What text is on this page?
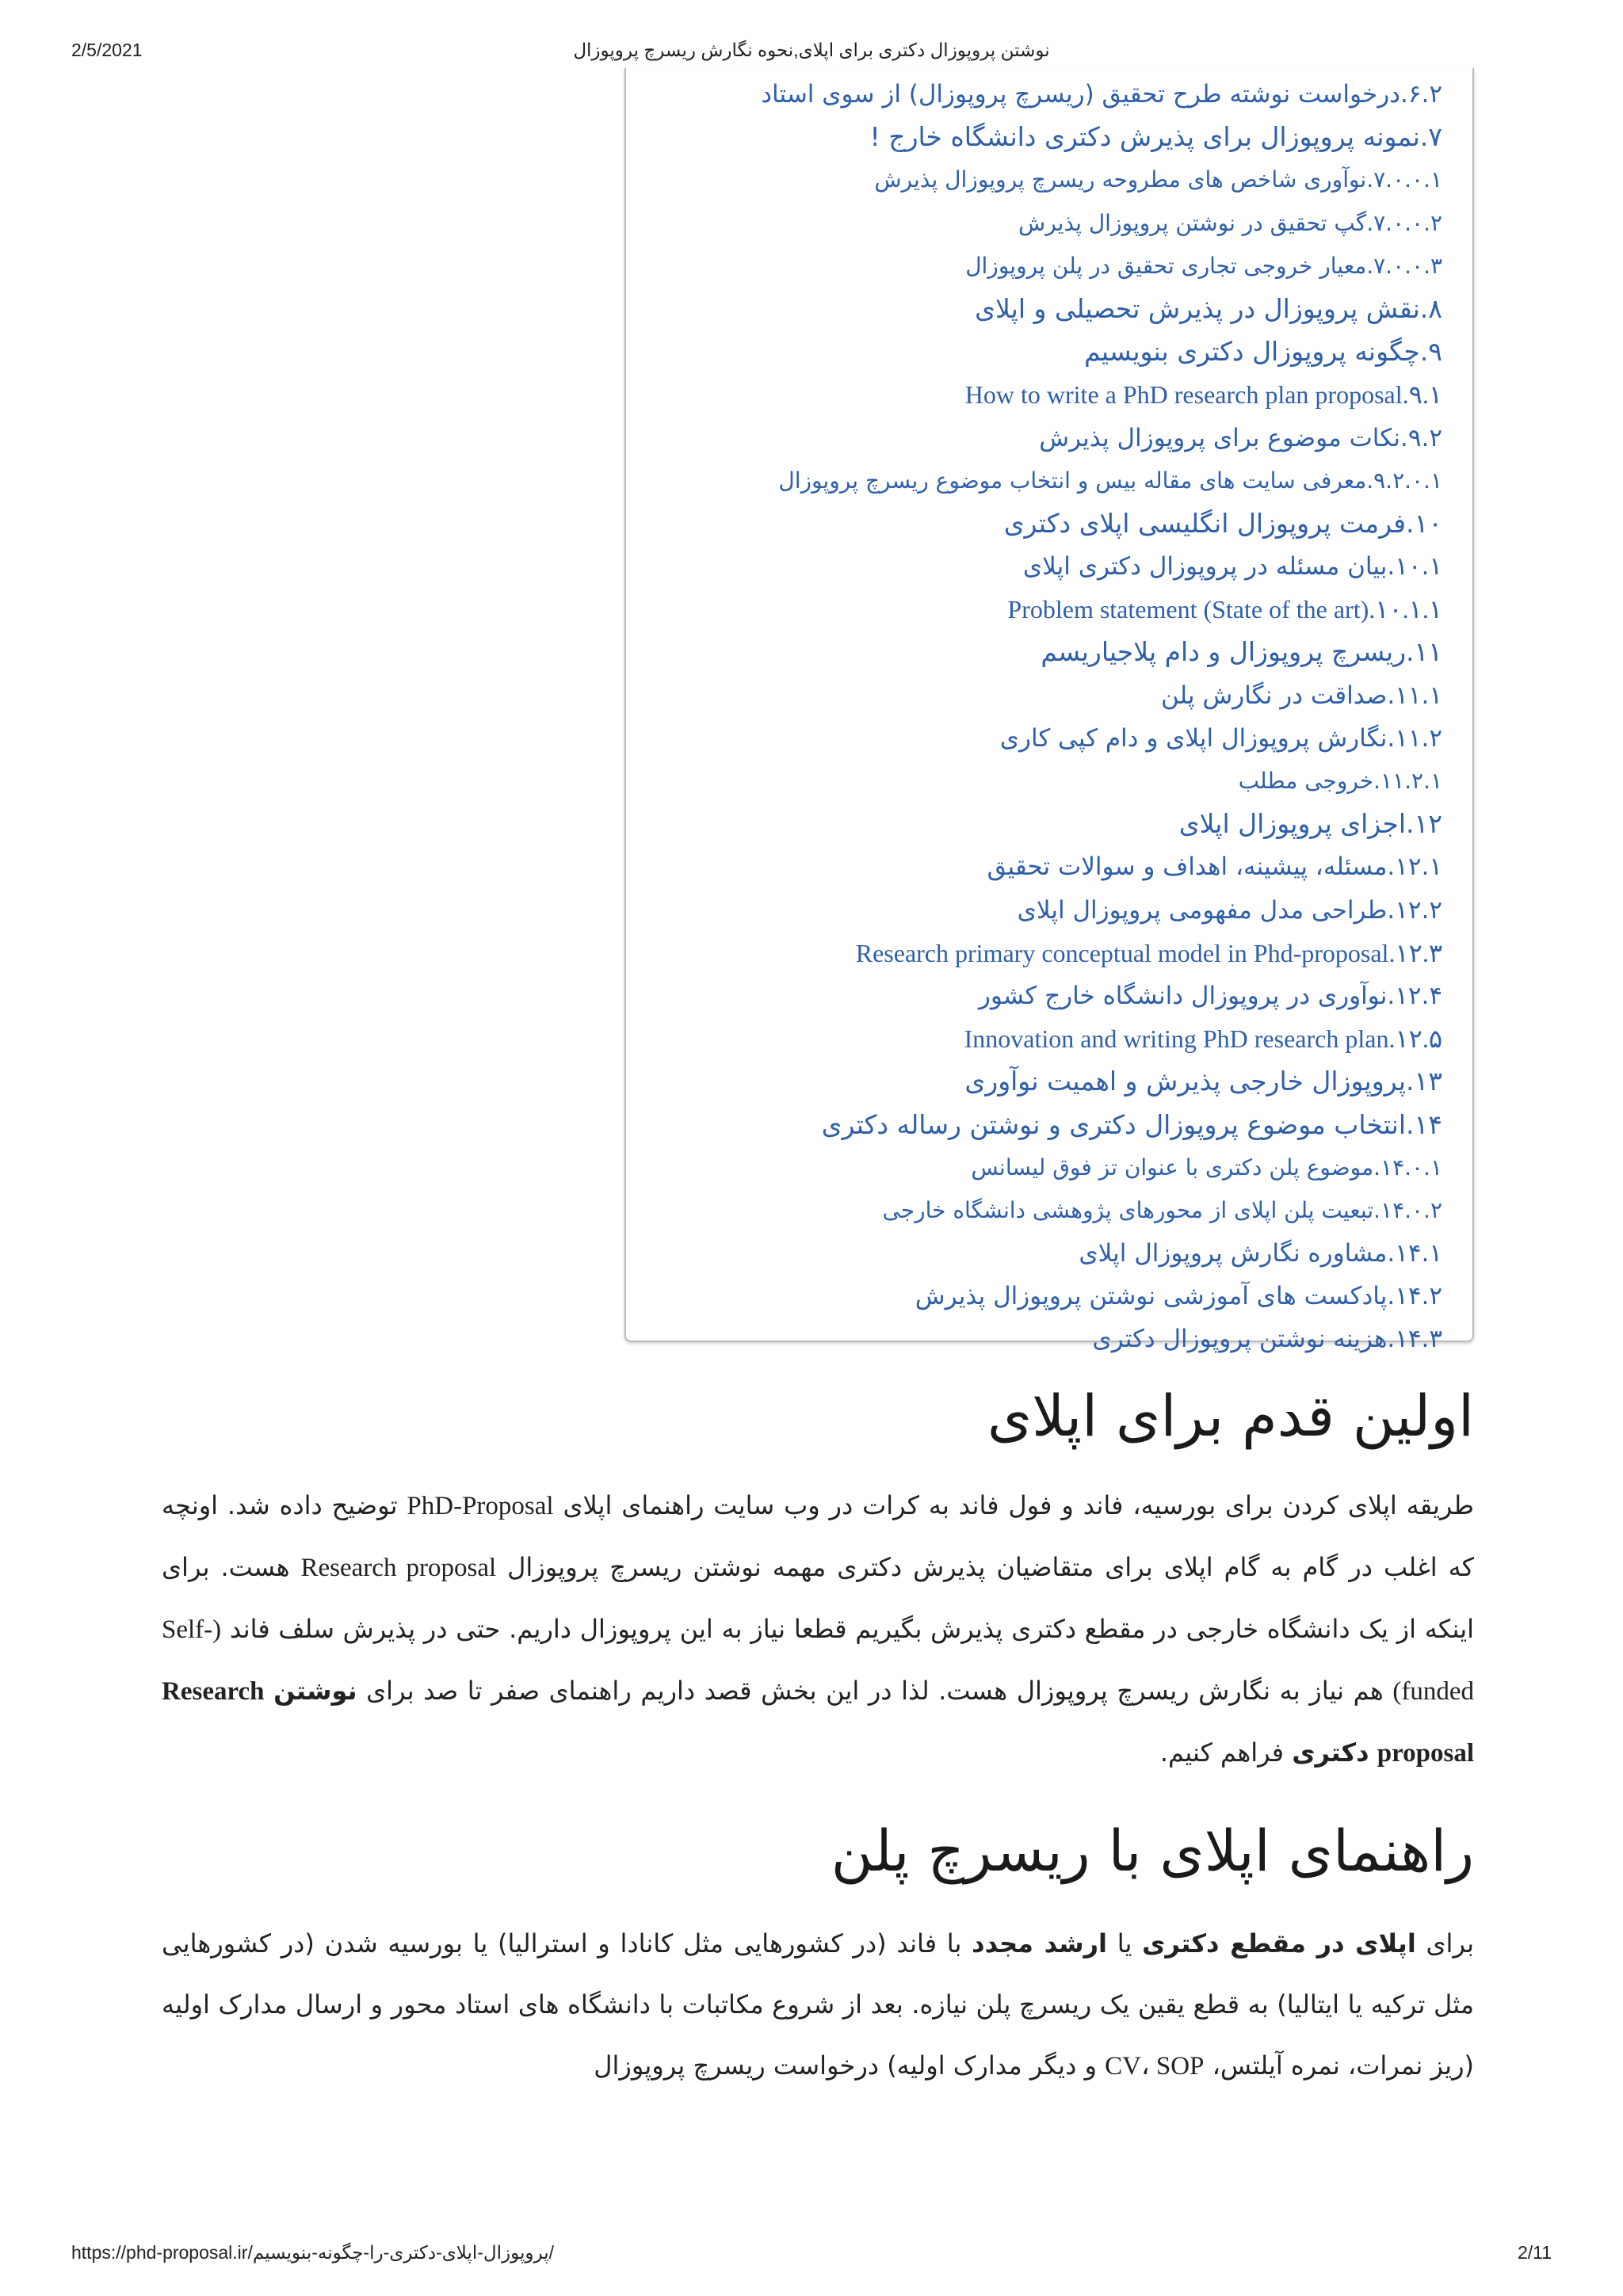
2/5/2021	نوشتن پروپوزال دکتری برای اپلای,نحوه نگارش ریسرچ پروپوزال
۶.۲.درخواست نوشته طرح تحقیق (ریسرچ پروپوزال) از سوی استاد
۷.نمونه پروپوزال برای پذیرش دکتری دانشگاه خارج !
۷.۰.۰.۱.نوآوری شاخص های مطروحه ریسرچ پروپوزال پذیرش
۷.۰.۰.۲.گپ تحقیق در نوشتن پروپوزال پذیرش
۷.۰.۰.۳.معیار خروجی تجاری تحقیق در پلن پروپوزال
۸.نقش پروپوزال در پذیرش تحصیلی و اپلای
۹.چگونه پروپوزال دکتری بنویسیم
۹.۱.How to write a PhD research plan proposal
۹.۲.نکات موضوع برای پروپوزال پذیرش
۹.۲.۰.۱.معرفی سایت های مقاله بیس و انتخاب موضوع ریسرچ پروپوزال
۱۰.فرمت پروپوزال انگلیسی اپلای دکتری
۱۰.۱.بیان مسئله در پروپوزال دکتری اپلای
۱۰.۱.۱.Problem statement (State of the art)
۱۱.ریسرچ پروپوزال و دام پلاجیاریسم
۱۱.۱.صداقت در نگارش پلن
۱۱.۲.نگارش پروپوزال اپلای و دام کپی کاری
۱۱.۲.۱.خروجی مطلب
۱۲.اجزای پروپوزال اپلای
۱۲.۱.مسئله، پیشینه، اهداف و سوالات تحقیق
۱۲.۲.طراحی مدل مفهومی پروپوزال اپلای
۱۲.۳.Research primary conceptual model in Phd-proposal
۱۲.۴.نوآوری در پروپوزال دانشگاه خارج کشور
۱۲.۵.Innovation and writing PhD research plan
۱۳.پروپوزال خارجی پذیرش و اهمیت نوآوری
۱۴.انتخاب موضوع پروپوزال دکتری و نوشتن رساله دکتری
۱۴.۰.۱.موضوع پلن دکتری با عنوان تز فوق لیسانس
۱۴.۰.۲.تبعیت پلن اپلای از محورهای پژوهشی دانشگاه خارجی
۱۴.۱.مشاوره نگارش پروپوزال اپلای
۱۴.۲.پادکست های آموزشی نوشتن پروپوزال پذیرش
۱۴.۳.هزینه نوشتن پروپوزال دکتری
اولین قدم برای اپلای

طریقه اپلای کردن برای بورسیه، فاند و فول فاند به کرات در وب سایت راهنمای اپلای PhD-Proposal توضیح داده شد. اونچه که اغلب در گام به گام اپلای برای متقاضیان پذیرش دکتری مهمه نوشتن ریسرچ پروپوزال Research proposal هست. برای اینکه از یک دانشگاه خارجی در مقطع دکتری پذیرش بگیریم قطعا نیاز به این پروپوزال داریم. حتی در پذیرش سلف فاند (Self-funded) هم نیاز به نگارش ریسرچ پروپوزال هست. لذا در این بخش قصد داریم راهنمای صفر تا صد برای نوشتن Research proposal دکتری فراهم کنیم.

راهنمای اپلای با ریسرچ پلن

برای اپلای در مقطع دکتری یا ارشد مجدد با فاند (در کشورهایی مثل کانادا و استرالیا) یا بورسیه شدن (در کشورهایی مثل ترکیه یا ایتالیا) به قطع یقین یک ریسرچ پلن نیازه. بعد از شروع مکاتبات با دانشگاه های استاد محور و ارسال مدارک اولیه (ریز نمرات، نمره آیلتس، CV، SOP و دیگر مدارک اولیه) درخواست ریسرچ پروپوزال

https://phd-proposal.ir/پروپوزال-اپلای-دکتری-را-چگونه-بنویسیم/	2/11
